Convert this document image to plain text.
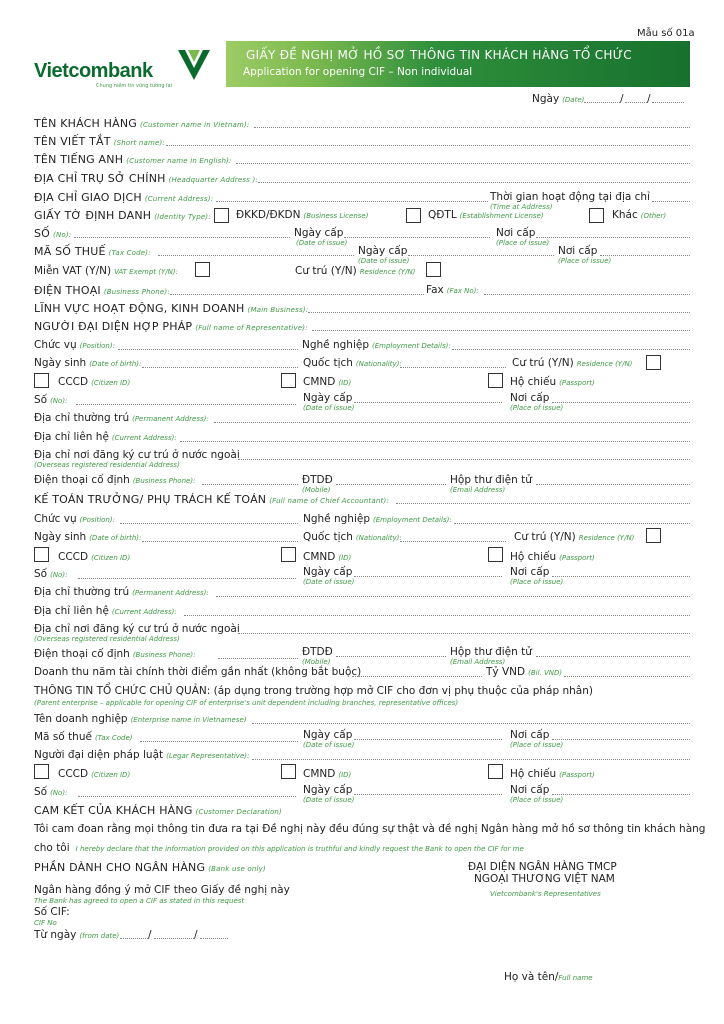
Mẫu số 01a
Vietcombank
Chung niềm tin vững tương lai
GIẤY ĐỀ NGHỊ MỞ HỒ SƠ THÔNG TIN KHÁCH HÀNG TỔ CHỨC
Application for opening CIF – Non individual
Ngày (Date)	/ /
TÊN KHÁCH HÀNG (Customer name in Vietnam):
TÊN VIẾT TẮT (Short name):
TÊN TIẾNG ANH (Customer name in English):
ĐỊA CHỈ TRỤ SỞ CHÍNH (Headquarter Address ):
ĐỊA CHỈ GIAO DỊCH (Current Address):	Thời gian hoạt động tại địa chỉ
(Time at Address)
GIẤY TỜ ĐỊNH DANH (Identity Type): ĐKKD/ĐKDN (Business License)	QĐTL (Establishment License)	Khác (Other)
SỐ (No):	Ngày cấp
(Date of issue)
Nơi cấp
(Place of issue)
MÃ SỐ THUẾ (Tax Code):	Ngày cấp
(Date of issue)
Nơi cấp
(Place of issue)
Miễn VAT (Y/N) VAT Exempt (Y/N):	Cư trú (Y/N) Residence (Y/N)
ĐIỆN THOẠI (Business Phone):	Fax (Fax No):
LĨNH VỰC HOẠT ĐỘNG, KINH DOANH (Main Business):
NGƯỜI ĐẠI DIỆN HỢP PHÁP (Full name of Representative):
Chức vụ (Position):	Nghề nghiệp (Employment Details):
Ngày sinh (Date of birth):	Quốc tịch (Nationality):	Cư trú (Y/N) Residence (Y/N)
CCCD (Citizen ID)	CMND (ID)	Hộ chiếu (Passport)
Số (No):	Ngày cấp
(Date of issue)
Nơi cấp
(Place of issue)
Địa chỉ thường trú (Permanent Address):
Địa chỉ liên hệ (Current Address):
Địa chỉ nơi đăng ký cư trú ở nước ngoài
(Overseas registered residential Address)
Điện thoại cố định (Business Phone):	ĐTDĐ
(Mobile)
Hộp thư điện tử
(Email Address)
KẾ TOÁN TRƯỞNG/ PHỤ TRÁCH KẾ TOÁN (Full name of Chief Accountant):
Chức vụ (Position):	Nghề nghiệp (Employment Details):
Ngày sinh (Date of birth):	Quốc tịch (Nationality):	Cư trú (Y/N) Residence (Y/N)
CCCD (Citizen ID)	CMND (ID)	Hộ chiếu (Passport)
Số (No):	Ngày cấp
(Date of issue)
Nơi cấp
(Place of issue)
Địa chỉ thường trú (Permanent Address):
Địa chỉ liên hệ (Current Address):
Địa chỉ nơi đăng ký cư trú ở nước ngoài
(Overseas registered residential Address)
Điện thoại cố định (Business Phone):	ĐTDĐ
(Mobile)
Hộp thư điện tử
(Email Address)
Doanh thu năm tài chính thời điểm gần nhất (không bắt buộc)	Tỷ VND (Bil. VND)
THÔNG TIN TỔ CHỨC CHỦ QUẢN: (áp dụng trong trường hợp mở CIF cho đơn vị phụ thuộc của pháp nhân)
(Parent enterprise – applicable for opening CIF of enterprise's unit dependent including branches, representative offices)
Tên doanh nghiệp (Enterprise name in Vietnamese)
Mã số thuế (Tax Code)	Ngày cấp
(Date of issue)
Nơi cấp
(Place of issue)
Người đại diện pháp luật (Legar Representative):
CCCD (Citizen ID)	CMND (ID)	Hộ chiếu (Passport)
Số (No):	Ngày cấp
(Date of issue)
Nơi cấp
(Place of issue)
CAM KẾT CỦA KHÁCH HÀNG (Customer Declaration)
Tôi cam đoan rằng mọi thông tin đưa ra tại Đề nghị này đều đúng sự thật và đề nghị Ngân hàng mở hồ sơ thông tin khách hàng
cho tôi I hereby declare that the information provided on this application is truthful and kindly request the Bank to open the CIF for me
PHẦN DÀNH CHO NGÂN HÀNG (Bank use only)	ĐẠI DIỆN NGÂN HÀNG TMCP
NGOẠI THƯƠNG VIỆT NAM
Vietcombank's Representatives
Ngân hàng đồng ý mở CIF theo Giấy đề nghị này
The Bank has agreed to open a CIF as stated in this request
Số CIF:
CIF No
Từ ngày (from date)	/	/
Họ và tên/Full name
